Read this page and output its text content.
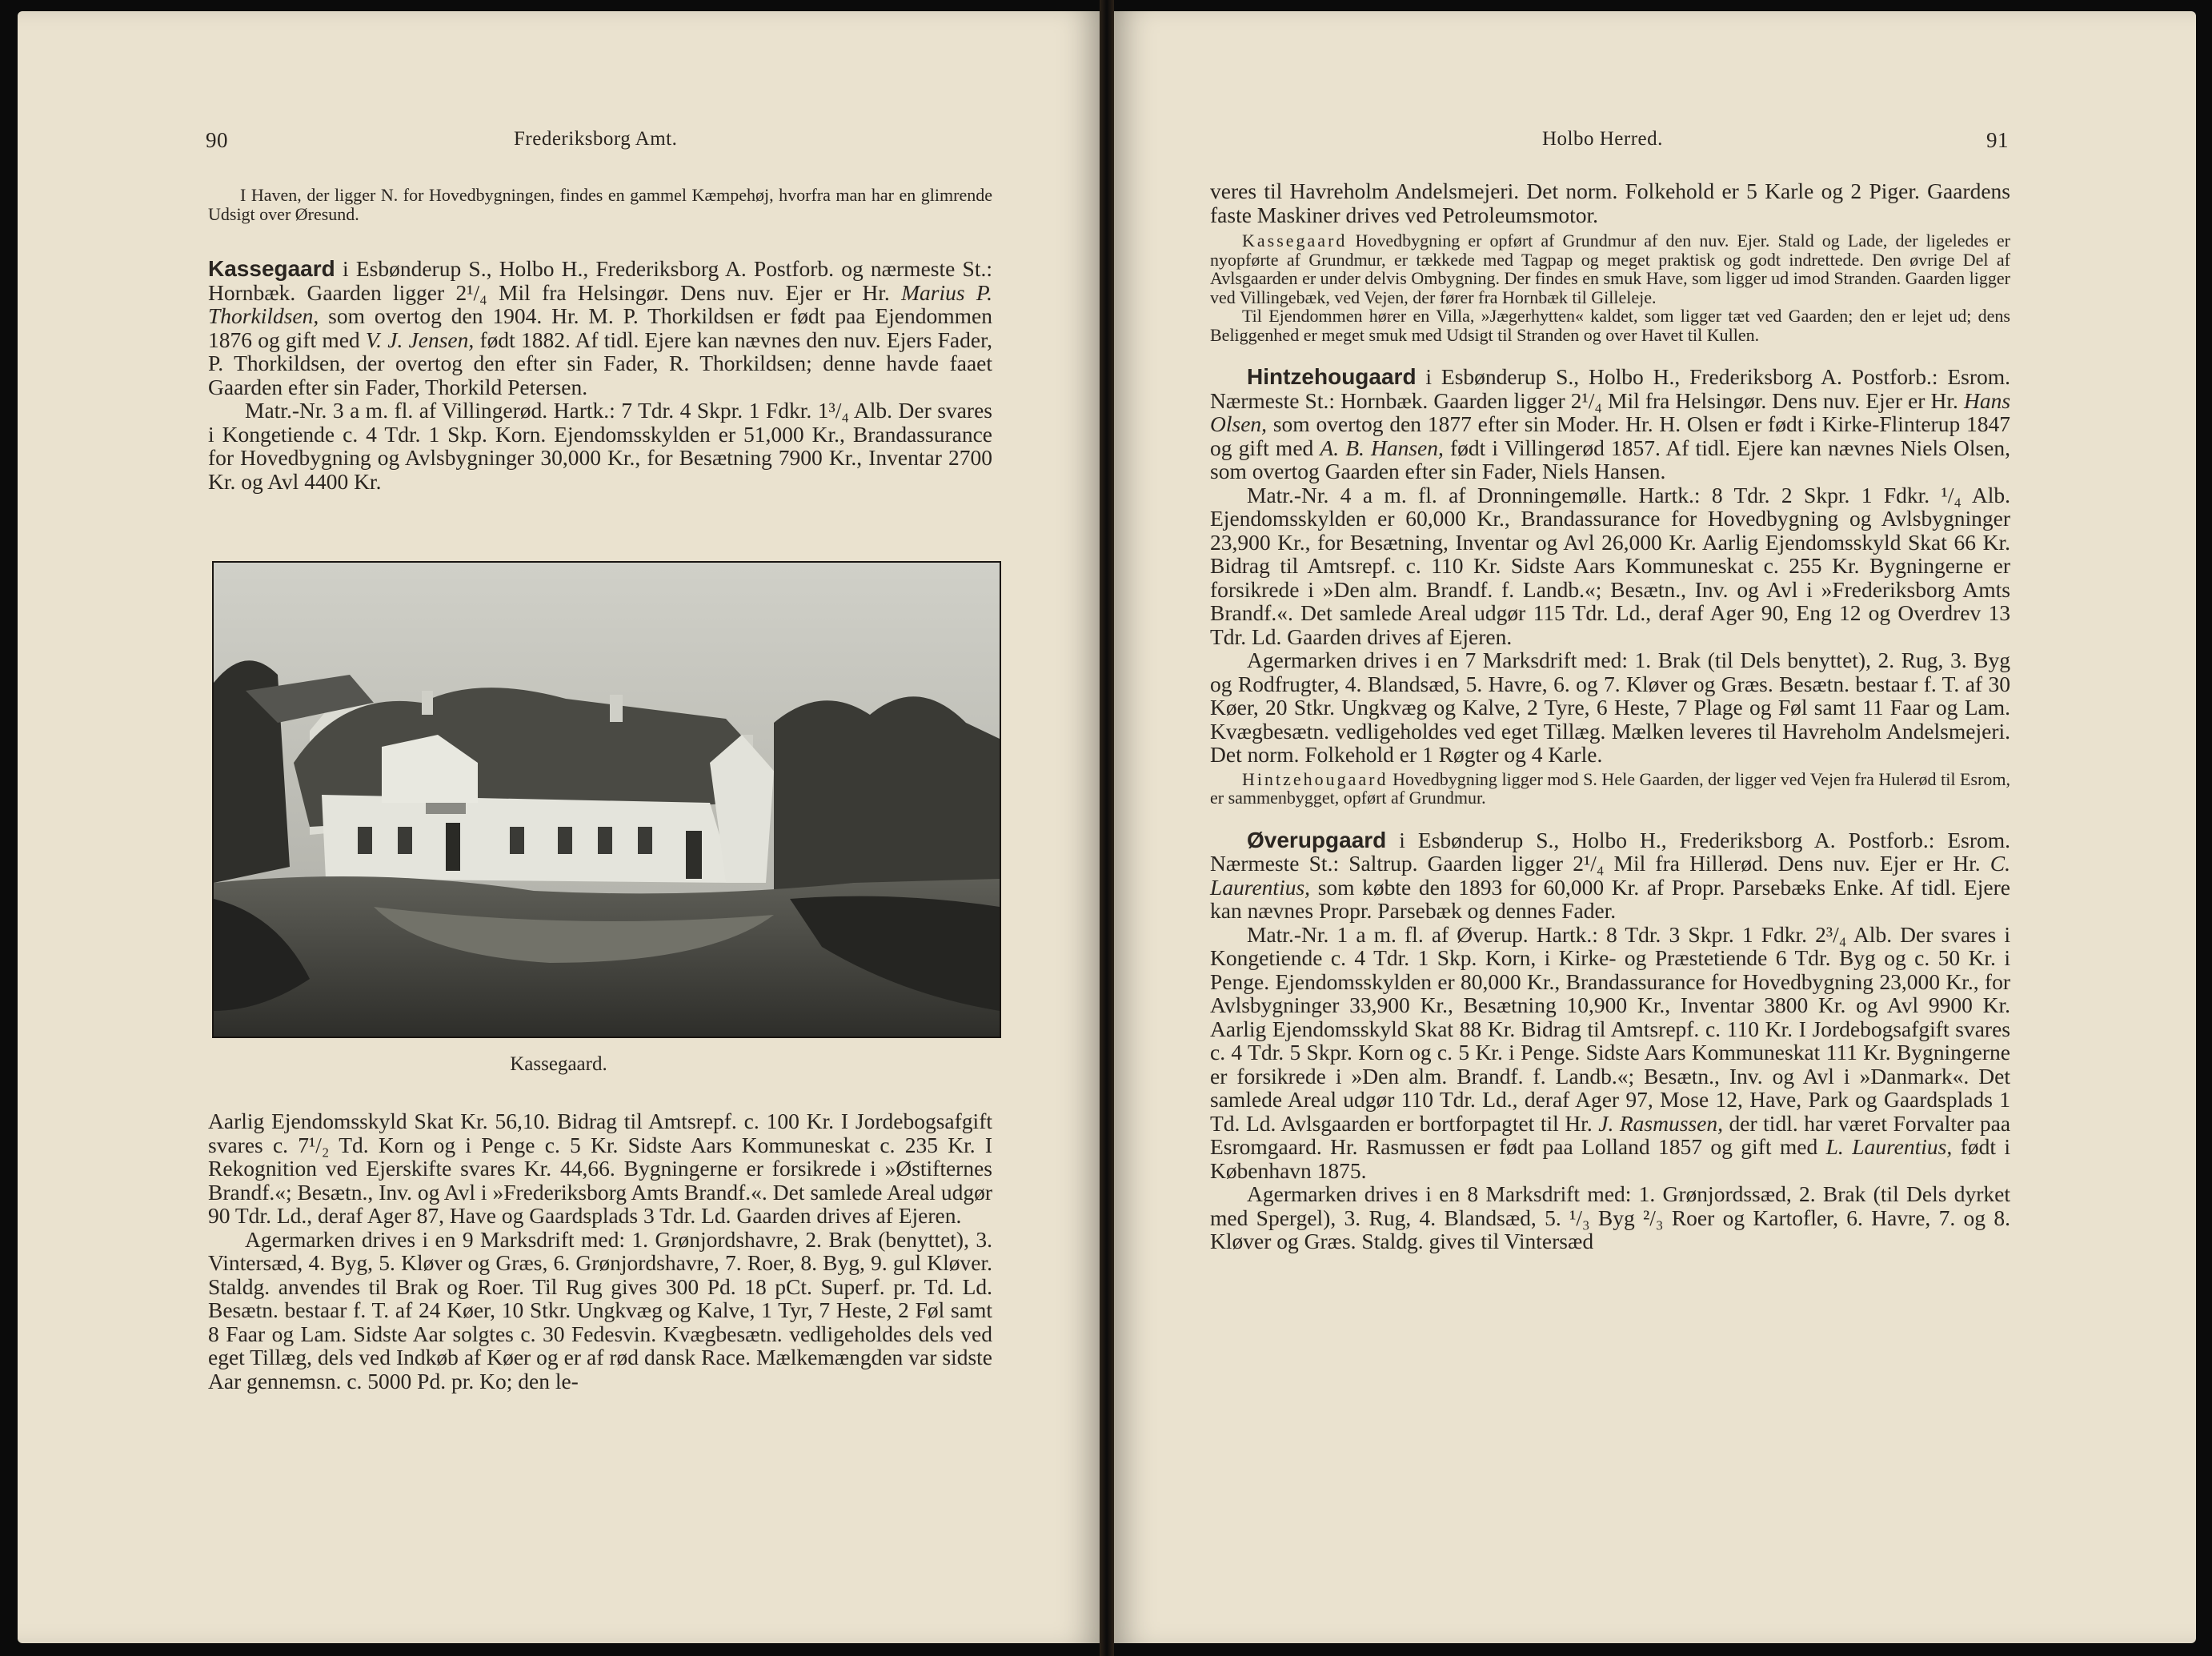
90	Frederiksborg Amt.

I Haven, der ligger N. for Hovedbygningen, findes en gammel Kæmpehøj, hvorfra man har en glimrende Udsigt over Øresund.

Kassegaard i Esbønderup S., Holbo H., Frederiksborg A. Postforb. og nærmeste St.: Hornbæk. Gaarden ligger 2¹/₄ Mil fra Helsingør. Dens nuv. Ejer er Hr. Marius P. Thorkildsen, som overtog den 1904. Hr. M. P. Thorkildsen er født paa Ejendommen 1876 og gift med V. J. Jensen, født 1882. Af tidl. Ejere kan nævnes den nuv. Ejers Fader, P. Thorkildsen, der overtog den efter sin Fader, R. Thorkildsen; denne havde faaet Gaarden efter sin Fader, Thorkild Petersen.

Matr.-Nr. 3 a m. fl. af Villingerød. Hartk.: 7 Tdr. 4 Skpr. 1 Fdkr. 1³/₄ Alb. Der svares i Kongetiende c. 4 Tdr. 1 Skp. Korn. Ejendomsskylden er 51,000 Kr., Brandassurance for Hovedbygning og Avlsbygninger 30,000 Kr., for Besætning 7900 Kr., Inventar 2700 Kr. og Avl 4400 Kr.

Kassegaard.

Aarlig Ejendomsskyld Skat Kr. 56,10. Bidrag til Amtsrepf. c. 100 Kr. I Jordebogsafgift svares c. 7¹/₂ Td. Korn og i Penge c. 5 Kr. Sidste Aars Kommuneskat c. 235 Kr. I Rekognition ved Ejerskifte svares Kr. 44,66. Bygningerne er forsikrede i »Østifternes Brandf.«; Besætn., Inv. og Avl i »Frederiksborg Amts Brandf.«. Det samlede Areal udgør 90 Tdr. Ld., deraf Ager 87, Have og Gaardsplads 3 Tdr. Ld. Gaarden drives af Ejeren.

Agermarken drives i en 9 Marksdrift med: 1. Grønjordshavre, 2. Brak (benyttet), 3. Vintersæd, 4. Byg, 5. Kløver og Græs, 6. Grønjordshavre, 7. Roer, 8. Byg, 9. gul Kløver. Staldg. anvendes til Brak og Roer. Til Rug gives 300 Pd. 18 pCt. Superf. pr. Td. Ld. Besætn. bestaar f. T. af 24 Køer, 10 Stkr. Ungkvæg og Kalve, 1 Tyr, 7 Heste, 2 Føl samt 8 Faar og Lam. Sidste Aar solgtes c. 30 Fedesvin. Kvægbesætn. vedligeholdes dels ved eget Tillæg, dels ved Indkøb af Køer og er af rød dansk Race. Mælkemængden var sidste Aar gennemsn. c. 5000 Pd. pr. Ko; den le-

Holbo Herred.	91

veres til Havreholm Andelsmejeri. Det norm. Folkehold er 5 Karle og 2 Piger. Gaardens faste Maskiner drives ved Petroleumsmotor.

Kassegaard Hovedbygning er opført af Grundmur af den nuv. Ejer. Stald og Lade, der ligeledes er nyopførte af Grundmur, er tækkede med Tagpap og meget praktisk og godt indrettede. Den øvrige Del af Avlsgaarden er under delvis Ombygning. Der findes en smuk Have, som ligger ud imod Stranden. Gaarden ligger ved Villingebæk, ved Vejen, der fører fra Hornbæk til Gilleleje.

Til Ejendommen hører en Villa, »Jægerhytten« kaldet, som ligger tæt ved Gaarden; den er lejet ud; dens Beliggenhed er meget smuk med Udsigt til Stranden og over Havet til Kullen.

Hintzehougaard i Esbønderup S., Holbo H., Frederiksborg A. Postforb.: Esrom. Nærmeste St.: Hornbæk. Gaarden ligger 2¹/₄ Mil fra Helsingør. Dens nuv. Ejer er Hr. Hans Olsen, som overtog den 1877 efter sin Moder. Hr. H. Olsen er født i Kirke-Flinterup 1847 og gift med A. B. Hansen, født i Villingerød 1857. Af tidl. Ejere kan nævnes Niels Olsen, som overtog Gaarden efter sin Fader, Niels Hansen.

Matr.-Nr. 4 a m. fl. af Dronningemølle. Hartk.: 8 Tdr. 2 Skpr. 1 Fdkr. ¹/₄ Alb. Ejendomsskylden er 60,000 Kr., Brandassurance for Hovedbygning og Avlsbygninger 23,900 Kr., for Besætning, Inventar og Avl 26,000 Kr. Aarlig Ejendomsskyld Skat 66 Kr. Bidrag til Amtsrepf. c. 110 Kr. Sidste Aars Kommuneskat c. 255 Kr. Bygningerne er forsikrede i »Den alm. Brandf. f. Landb.«; Besætn., Inv. og Avl i »Frederiksborg Amts Brandf.«. Det samlede Areal udgør 115 Tdr. Ld., deraf Ager 90, Eng 12 og Overdrev 13 Tdr. Ld. Gaarden drives af Ejeren.

Agermarken drives i en 7 Marksdrift med: 1. Brak (til Dels benyttet), 2. Rug, 3. Byg og Rodfrugter, 4. Blandsæd, 5. Havre, 6. og 7. Kløver og Græs. Besætn. bestaar f. T. af 30 Køer, 20 Stkr. Ungkvæg og Kalve, 2 Tyre, 6 Heste, 7 Plage og Føl samt 11 Faar og Lam. Kvægbesætn. vedligeholdes ved eget Tillæg. Mælken leveres til Havreholm Andelsmejeri. Det norm. Folkehold er 1 Røgter og 4 Karle.

Hintzehougaard Hovedbygning ligger mod S. Hele Gaarden, der ligger ved Vejen fra Hulerød til Esrom, er sammenbygget, opført af Grundmur.

Øverupgaard i Esbønderup S., Holbo H., Frederiksborg A. Postforb.: Esrom. Nærmeste St.: Saltrup. Gaarden ligger 2¹/₄ Mil fra Hillerød. Dens nuv. Ejer er Hr. C. Laurentius, som købte den 1893 for 60,000 Kr. af Propr. Parsebæks Enke. Af tidl. Ejere kan nævnes Propr. Parsebæk og dennes Fader.

Matr.-Nr. 1 a m. fl. af Øverup. Hartk.: 8 Tdr. 3 Skpr. 1 Fdkr. 2³/₄ Alb. Der svares i Kongetiende c. 4 Tdr. 1 Skp. Korn, i Kirke- og Præstetiende 6 Tdr. Byg og c. 50 Kr. i Penge. Ejendomsskylden er 80,000 Kr., Brandassurance for Hovedbygning 23,000 Kr., for Avlsbygninger 33,900 Kr., Besætning 10,900 Kr., Inventar 3800 Kr. og Avl 9900 Kr. Aarlig Ejendomsskyld Skat 88 Kr. Bidrag til Amtsrepf. c. 110 Kr. I Jordebogsafgift svares c. 4 Tdr. 5 Skpr. Korn og c. 5 Kr. i Penge. Sidste Aars Kommuneskat 111 Kr. Bygningerne er forsikrede i »Den alm. Brandf. f. Landb.«; Besætn., Inv. og Avl i »Danmark«. Det samlede Areal udgør 110 Tdr. Ld., deraf Ager 97, Mose 12, Have, Park og Gaardsplads 1 Td. Ld. Avlsgaarden er bortforpagtet til Hr. J. Rasmussen, der tidl. har været Forvalter paa Esromgaard. Hr. Rasmussen er født paa Lolland 1857 og gift med L. Laurentius, født i København 1875.

Agermarken drives i en 8 Marksdrift med: 1. Grønjordssæd, 2. Brak (til Dels dyrket med Spergel), 3. Rug, 4. Blandsæd, 5. ¹/₃ Byg ²/₃ Roer og Kartofler, 6. Havre, 7. og 8. Kløver og Græs. Staldg. gives til Vintersæd
